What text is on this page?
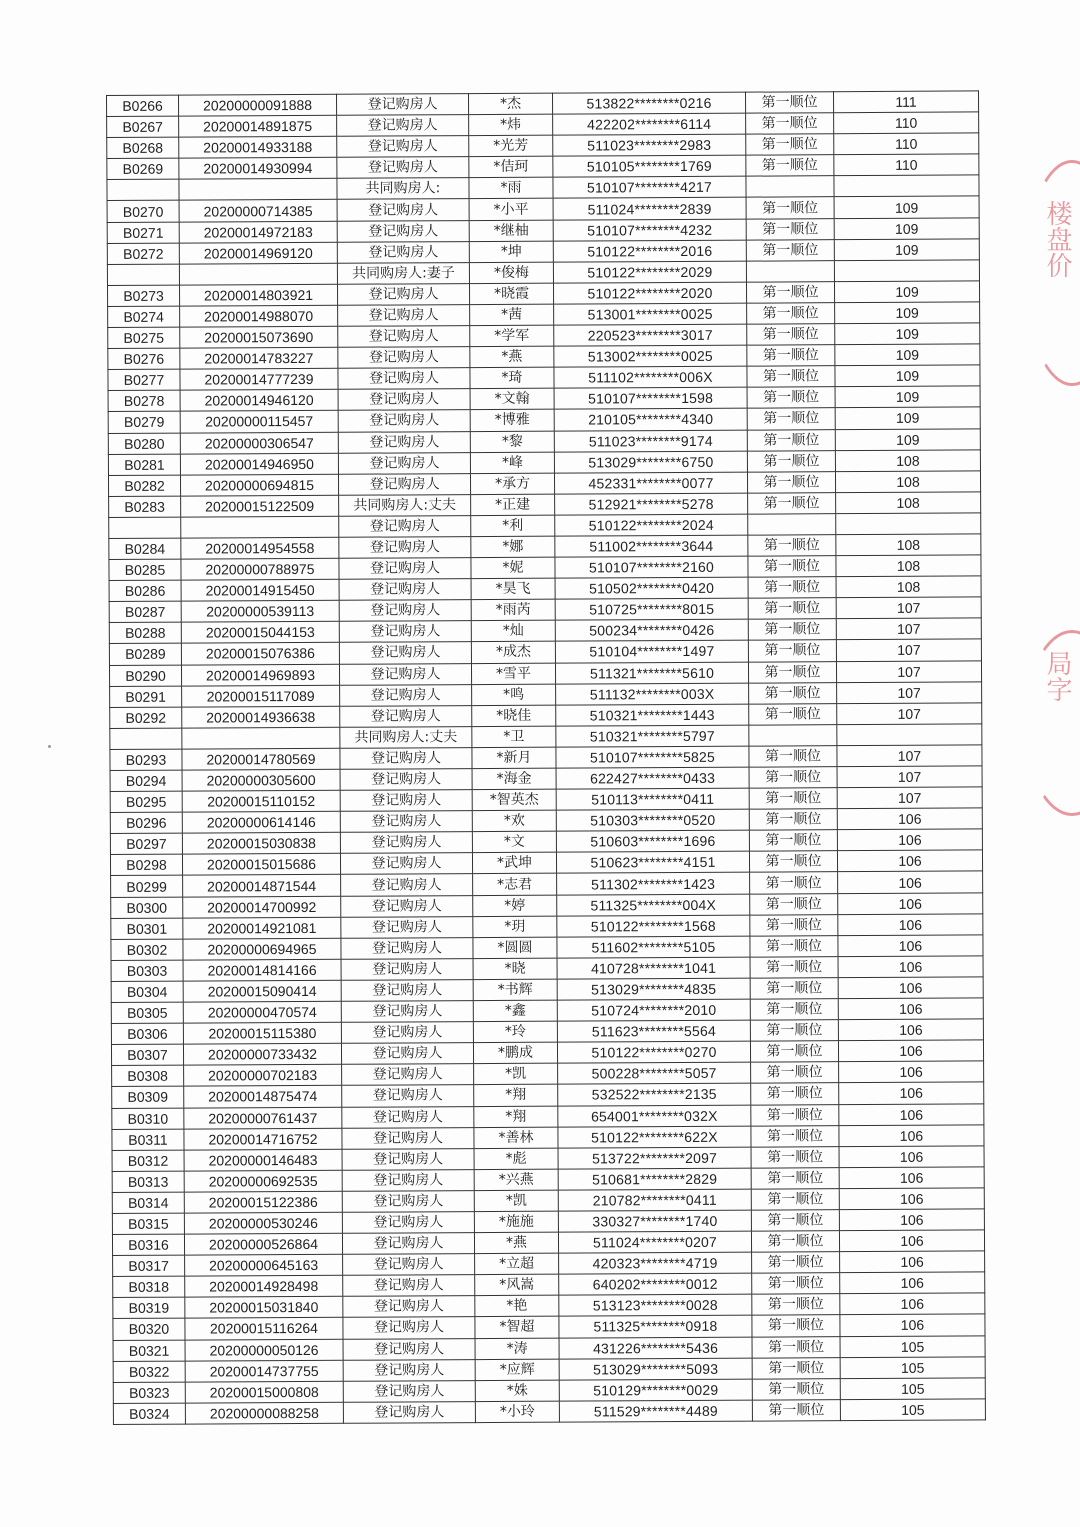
楼盘价
局字
B0266	20200000091888	登记购房人	*杰	513822********0216	第一顺位	111
B0267	20200014891875	登记购房人	*炜	422202********6114	第一顺位	110
B0268	20200014933188	登记购房人	*光芳	511023********2983	第一顺位	110
B0269	20200014930994	登记购房人	*佶珂	510105********1769	第一顺位	110
		共同购房人:	*雨	510107********4217		
B0270	20200000714385	登记购房人	*小平	511024********2839	第一顺位	109
B0271	20200014972183	登记购房人	*继柚	510107********4232	第一顺位	109
B0272	20200014969120	登记购房人	*坤	510122********2016	第一顺位	109
		共同购房人:妻子	*俊梅	510122********2029		
B0273	20200014803921	登记购房人	*晓霞	510122********2020	第一顺位	109
B0274	20200014988070	登记购房人	*茜	513001********0025	第一顺位	109
B0275	20200015073690	登记购房人	*学军	220523********3017	第一顺位	109
B0276	20200014783227	登记购房人	*燕	513002********0025	第一顺位	109
B0277	20200014777239	登记购房人	*琦	511102********006X	第一顺位	109
B0278	20200014946120	登记购房人	*文翰	510107********1598	第一顺位	109
B0279	20200000115457	登记购房人	*博雅	210105********4340	第一顺位	109
B0280	20200000306547	登记购房人	*黎	511023********9174	第一顺位	109
B0281	20200014946950	登记购房人	*峰	513029********6750	第一顺位	108
B0282	20200000694815	登记购房人	*承方	452331********0077	第一顺位	108
B0283	20200015122509	共同购房人:丈夫	*正建	512921********5278	第一顺位	108
		登记购房人	*利	510122********2024		
B0284	20200014954558	登记购房人	*娜	511002********3644	第一顺位	108
B0285	20200000788975	登记购房人	*妮	510107********2160	第一顺位	108
B0286	20200014915450	登记购房人	*昊飞	510502********0420	第一顺位	108
B0287	20200000539113	登记购房人	*雨芮	510725********8015	第一顺位	107
B0288	20200015044153	登记购房人	*灿	500234********0426	第一顺位	107
B0289	20200015076386	登记购房人	*成杰	510104********1497	第一顺位	107
B0290	20200014969893	登记购房人	*雪平	511321********5610	第一顺位	107
B0291	20200015117089	登记购房人	*鸣	511132********003X	第一顺位	107
B0292	20200014936638	登记购房人	*晓佳	510321********1443	第一顺位	107
		共同购房人:丈夫	*卫	510321********5797		
B0293	20200014780569	登记购房人	*新月	510107********5825	第一顺位	107
B0294	20200000305600	登记购房人	*海金	622427********0433	第一顺位	107
B0295	20200015110152	登记购房人	*智英杰	510113********0411	第一顺位	107
B0296	20200000614146	登记购房人	*欢	510303********0520	第一顺位	106
B0297	20200015030838	登记购房人	*文	510603********1696	第一顺位	106
B0298	20200015015686	登记购房人	*武坤	510623********4151	第一顺位	106
B0299	20200014871544	登记购房人	*志君	511302********1423	第一顺位	106
B0300	20200014700992	登记购房人	*婷	511325********004X	第一顺位	106
B0301	20200014921081	登记购房人	*玥	510122********1568	第一顺位	106
B0302	20200000694965	登记购房人	*圆圆	511602********5105	第一顺位	106
B0303	20200014814166	登记购房人	*晓	410728********1041	第一顺位	106
B0304	20200015090414	登记购房人	*书辉	513029********4835	第一顺位	106
B0305	20200000470574	登记购房人	*鑫	510724********2010	第一顺位	106
B0306	20200015115380	登记购房人	*玲	511623********5564	第一顺位	106
B0307	20200000733432	登记购房人	*鹏成	510122********0270	第一顺位	106
B0308	20200000702183	登记购房人	*凯	500228********5057	第一顺位	106
B0309	20200014875474	登记购房人	*翔	532522********2135	第一顺位	106
B0310	20200000761437	登记购房人	*翔	654001********032X	第一顺位	106
B0311	20200014716752	登记购房人	*善林	510122********622X	第一顺位	106
B0312	20200000146483	登记购房人	*彪	513722********2097	第一顺位	106
B0313	20200000692535	登记购房人	*兴燕	510681********2829	第一顺位	106
B0314	20200015122386	登记购房人	*凯	210782********0411	第一顺位	106
B0315	20200000530246	登记购房人	*施施	330327********1740	第一顺位	106
B0316	20200000526864	登记购房人	*燕	511024********0207	第一顺位	106
B0317	20200000645163	登记购房人	*立超	420323********4719	第一顺位	106
B0318	20200014928498	登记购房人	*风嵩	640202********0012	第一顺位	106
B0319	20200015031840	登记购房人	*艳	513123********0028	第一顺位	106
B0320	20200015116264	登记购房人	*智超	511325********0918	第一顺位	106
B0321	20200000050126	登记购房人	*涛	431226********5436	第一顺位	105
B0322	20200014737755	登记购房人	*应辉	513029********5093	第一顺位	105
B0323	20200015000808	登记购房人	*姝	510129********0029	第一顺位	105
B0324	20200000088258	登记购房人	*小玲	511529********4489	第一顺位	105
